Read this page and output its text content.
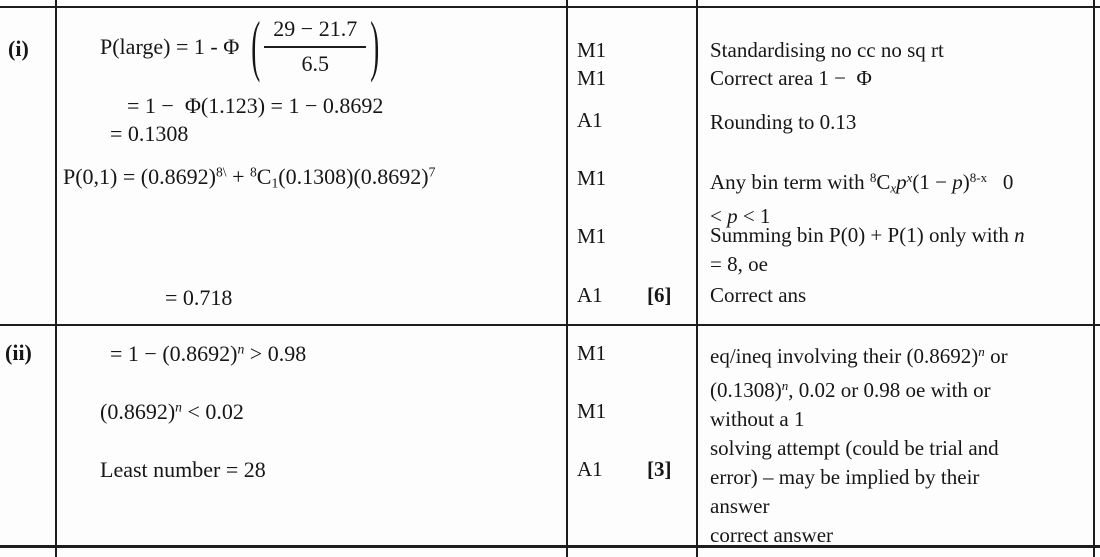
(i)	P(large) = 1 - Φ ( $\frac{29 - 21.7}{6.5}$ )
= 1 −  Φ(1.123) = 1 − 0.8692
= 0.1308
$P(0,1) = (0.8692)^{8\backslash} + ^8C_1(0.1308)(0.8692)^7$
= 0.718
M1
M1
A1
M1
M1
A1 [6]
Standardising no cc no sq rt
Correct area 1 −  Φ
Rounding to 0.13
Any bin term with $^8Cxp^x(1 - p)^{8-x}$   0
< p < 1
Summing bin P(0) + P(1) only with n
= 8, oe
Correct ans
(ii)	= $1 - (0.8692)^n > 0.98$
$(0.8692)^n < 0.02$
Least number = 28
M1
M1
A1 [3]
eq/ineq involving their $(0.8692)^n$ or
$(0.1308)^n$, 0.02 or 0.98 oe with or
without a 1
solving attempt (could be trial and
error) – may be implied by their
answer
correct answer
